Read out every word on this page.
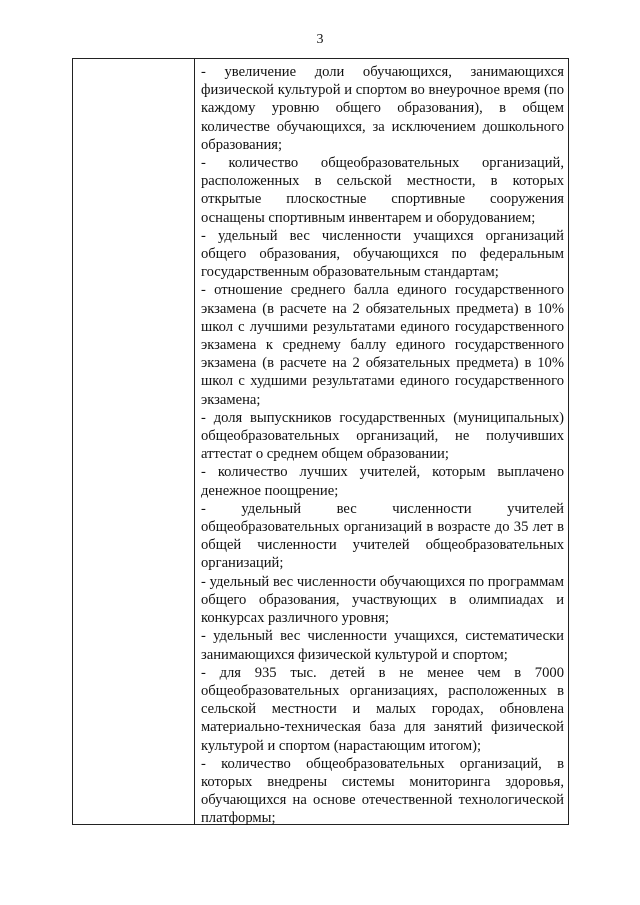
3

- увеличение доли обучающихся, занимающихся физической культурой и спортом во внеурочное время (по каждому уровню общего образования), в общем количестве обучающихся, за исключением дошкольного образования;

- количество общеобразовательных организаций, расположенных в сельской местности, в которых открытые плоскостные спортивные сооружения оснащены спортивным инвентарем и оборудованием;

- удельный вес численности учащихся организаций общего образования, обучающихся по федеральным государственным образовательным стандартам;

- отношение среднего балла единого государственного экзамена (в расчете на 2 обязательных предмета) в 10% школ с лучшими результатами единого государственного экзамена к среднему баллу единого государственного экзамена (в расчете на 2 обязательных предмета) в 10% школ с худшими результатами единого государственного экзамена;

- доля выпускников государственных (муниципальных) общеобразовательных организаций, не получивших аттестат о среднем общем образовании;

- количество лучших учителей, которым выплачено денежное поощрение;

- удельный вес численности учителей общеобразовательных организаций в возрасте до 35 лет в общей численности учителей общеобразовательных организаций;

- удельный вес численности обучающихся по программам общего образования, участвующих в олимпиадах и конкурсах различного уровня;

- удельный вес численности учащихся, систематически занимающихся физической культурой и спортом;

- для 935 тыс. детей в не менее чем в 7000 общеобразовательных организациях, расположенных в сельской местности и малых городах, обновлена материально-техническая база для занятий физической культурой и спортом (нарастающим итогом);

- количество общеобразовательных организаций, в которых внедрены системы мониторинга здоровья, обучающихся на основе отечественной технологической платформы;
